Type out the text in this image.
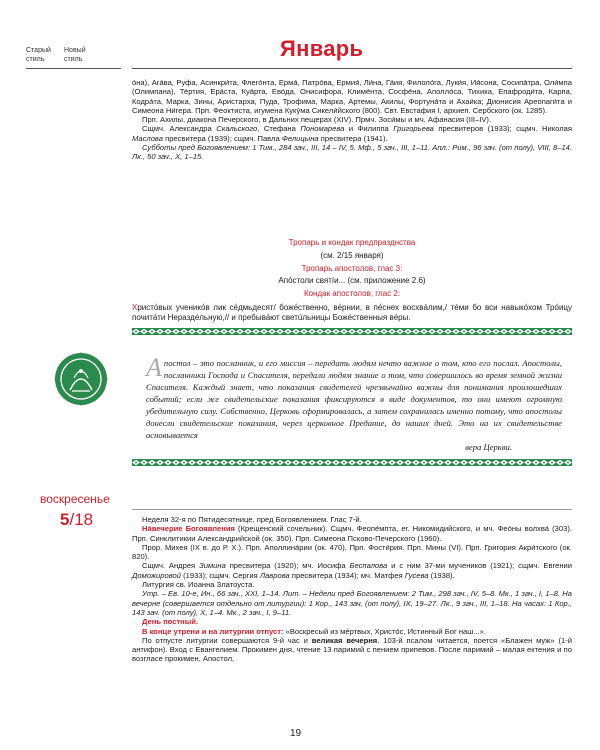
Старый стиль
Новый стиль	Январь

о́на), Ага́ва, Руфа, Асинкри́та, Флего́нта, Ерма́, Патро́ва, Ермия́, Ли́на, Га́ия, Филоло́га, Луки́я, Ия́сона, Сосипа́тра, Оли́мпа (Олимпана), Те́ртия, Ера́ста, Куа́рта, Ево́да, Онисифора, Климе́нта, Сосфе́на, Аполло́са, Тихика, Епафроди́та, Карпа, Кодра́та, Марка, Зины, Аристарха, Пуда, Трофима, Марка, Артемы, Акилы, Фортуна́та и Ахаи́ка; Дионисия Ареопаги́та и Симеона Ни́гера. Прп. Феоктиста, игумена Куку́ма Сикели́йского (800). Свт. Евстафия I, архиеп. Сербского (ок. 1285).

Прп. Ахилы, диакона Печерского, в Дальних пещерах (XIV). Прмч. Зоси́мы и мч. Афанасия (III–IV).

Сщмч. Александра Скальского, Стефана Пономарева и Филиппа Григорьева пресвитеров (1933); сщмч. Николая Маслова пресвитера (1939); сщмч. Павла Фелицына пресвитера (1941).

Субботы пред Богоявлением: 1 Тим., 284 зач., III, 14 – IV, 5. Мф., 5 зач., III, 1–11. Апл.: Рим., 96 зач. (от полу), VIII, 8–14. Лк., 50 зач., X, 1–15.

Тропарь и кондак предпразднства
(см. 2/15 января)
Тропарь апостолов, глас 3:
Апо́столи святíи... (см. приложение 2.6)
Кондак апостолов, глас 2:
Христо́вых ученико́в лик се́дмьдесят/ боже́ственно, ве́рнии, в пе́снех восхвáлим,/ тéми бо вси навыко́хом Тро́ицу почита́ти Нераздéльную,// и пребыва́ют светúльницы Божéственныя вéры.
Апостол – это посланник, и его миссия – передать людям нечто важное о том, кто его послал. Апостолы, посланники Господа и Спасителя, передали людям знание о том, что совершилось во время земной жизни Спасителя. Каждый знает, что показания свидетелей чрезвычайно важны для понимания произошедших событий; если же свидетельские показания фиксируются в виде документов, то они имеют огромную убедительную силу. Собственно, Церковь сформировалась, а затем сохранилась именно потому, что апостолы донесли свидетельские показания, через церковное Предание, до наших дней. Это на их свидетельстве основывается
вера Церкви.
воскресенье
5/18	Неделя 32-я по Пятидесятнице, пред Богоявлением. Глас 7-й.

На́вечерие Богоявления (Крещенский сочельник). Сщмч. Феопе́мпта, ег. Никомидийского, и мч. Фео́ны волхва́ (303). Прп. Синклитикии Александрийской (ок. 350). Прп. Симеона Псково-Печерского (1960).

Прор. Михея (IX в. до Р. Х.). Прп. Аполлина́рии (ок. 470). Прп. Фости́рия. Прп. Мины (VI). Прп. Григория Акри́тского (ок. 820).

Сщмч. Андрея Зимина пресвитера (1920); мч. Иосифа Беспалова и с ним 37-ми мучеников (1921); сщмч. Евгении Доможировой (1933); сщмч. Сергия Лаврова пресвитера (1934); мч. Матфея Гусева (1938).

Литургия св. Иоанна Златоуста.

Утр. – Ев. 10-е, Ин., 66 зач., XXI, 1–14. Лит. – Недели пред Богоявлением: 2 Тим., 298 зач., IV, 5–8. Мк., 1 зач., I, 1–8. На вечерне (совершается отдельно от литургии): 1 Кор., 143 зач. (от полу), IX, 19–27. Лк., 9 зач., III, 1–18. На часах: 1 Кор., 143 зач. (от полу), X, 1–4. Мк., 2 зач., I, 9–11.

День постный.

В конце утрени и на литургии отпуст: «Воскресый из мéртвых, Христо́с, Истинный Бог наш...».

По отпусте литургии совершаются 9-й час и великая вечерня. 103-й псалом читается, поется «Блажен муж» (1-й антифон). Вход с Евангелием. Прокимен дня, чтение 13 паримий с пением припевов. После паримий – малая ектения и по возгласе прокимен, Апостол,

19
